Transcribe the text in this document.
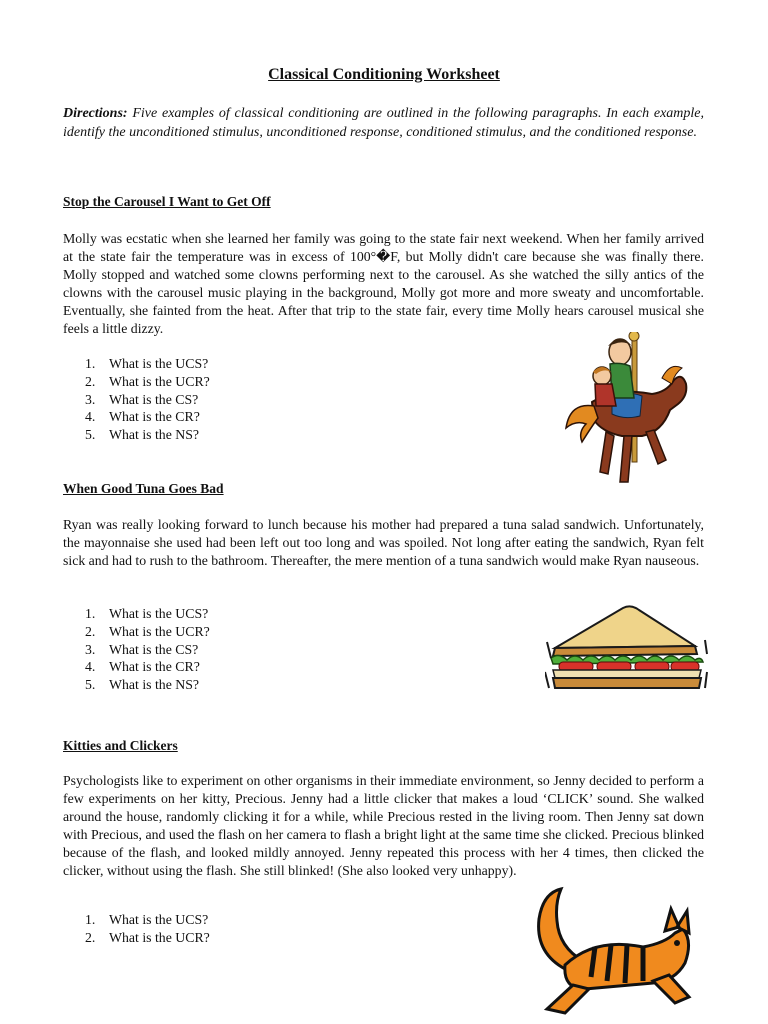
Classical Conditioning Worksheet

Directions: Five examples of classical conditioning are outlined in the following paragraphs. In each example, identify the unconditioned stimulus, unconditioned response, conditioned stimulus, and the conditioned response.

Stop the Carousel I Want to Get Off

Molly was ecstatic when she learned her family was going to the state fair next weekend. When her family arrived at the state fair the temperature was in excess of 100°�F, but Molly didn't care because she was finally there. Molly stopped and watched some clowns performing next to the carousel. As she watched the silly antics of the clowns with the carousel music playing in the background, Molly got more and more sweaty and uncomfortable. Eventually, she fainted from the heat. After that trip to the state fair, every time Molly hears carousel musical she feels a little dizzy.

1. What is the UCS?
2. What is the UCR?
3. What is the CS?
4. What is the CR?
5. What is the NS?
When Good Tuna Goes Bad

Ryan was really looking forward to lunch because his mother had prepared a tuna salad sandwich. Unfortunately, the mayonnaise she used had been left out too long and was spoiled. Not long after eating the sandwich, Ryan felt sick and had to rush to the bathroom. Thereafter, the mere mention of a tuna sandwich would make Ryan nauseous.

1. What is the UCS?
2. What is the UCR?
3. What is the CS?
4. What is the CR?
5. What is the NS?
Kitties and Clickers

Psychologists like to experiment on other organisms in their immediate environment, so Jenny decided to perform a few experiments on her kitty, Precious. Jenny had a little clicker that makes a loud ‘CLICK’ sound. She walked around the house, randomly clicking it for a while, while Precious rested in the living room. Then Jenny sat down with Precious, and used the flash on her camera to flash a bright light at the same time she clicked. Precious blinked because of the flash, and looked mildly annoyed. Jenny repeated this process with her 4 times, then clicked the clicker, without using the flash. She still blinked! (She also looked very unhappy).

1. What is the UCS?
2. What is the UCR?
